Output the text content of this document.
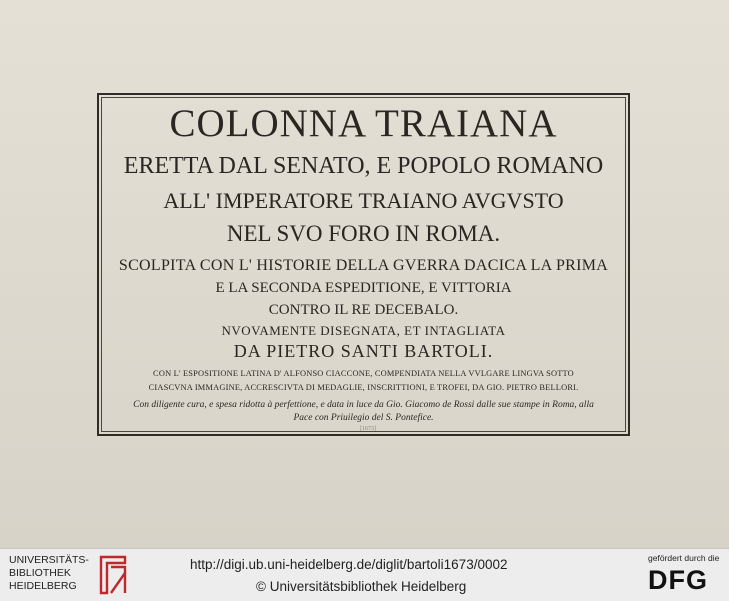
COLONNA TRAIANA
ERETTA DAL SENATO, E POPOLO ROMANO
ALL' IMPERATORE TRAIANO AVGVSTO
NEL SVO FORO IN ROMA.
SCOLPITA CON L' HISTORIE DELLA GVERRA DACICA LA PRIMA
E LA SECONDA ESPEDITIONE, E VITTORIA
CONTRO IL RE DECEBALO.
NVOVAMENTE DISEGNATA, ET INTAGLIATA
DA PIETRO SANTI BARTOLI.
CON L' ESPOSITIONE LATINA D' ALFONSO CIACCONE, COMPENDIATA NELLA VVLGARE LINGVA SOTTO
CIASCVNA IMMAGINE, ACCRESCIVTA DI MEDAGLIE, INSCRITTIONI, E TROFEI, DA GIO. PIETRO BELLORI.
Con diligente cura, e spesa ridotta à perfettione, e data in luce da Gio. Giacomo de Rossi dalle sue stampe in Roma, alla
Pace con Priuilegio del S. Pontefice.
[1673]
UNIVERSITÄTS-
BIBLIOTHEK
HEIDELBERG
http://digi.ub.uni-heidelberg.de/diglit/bartoli1673/0002
© Universitätsbibliothek Heidelberg
gefördert durch die
DFG
